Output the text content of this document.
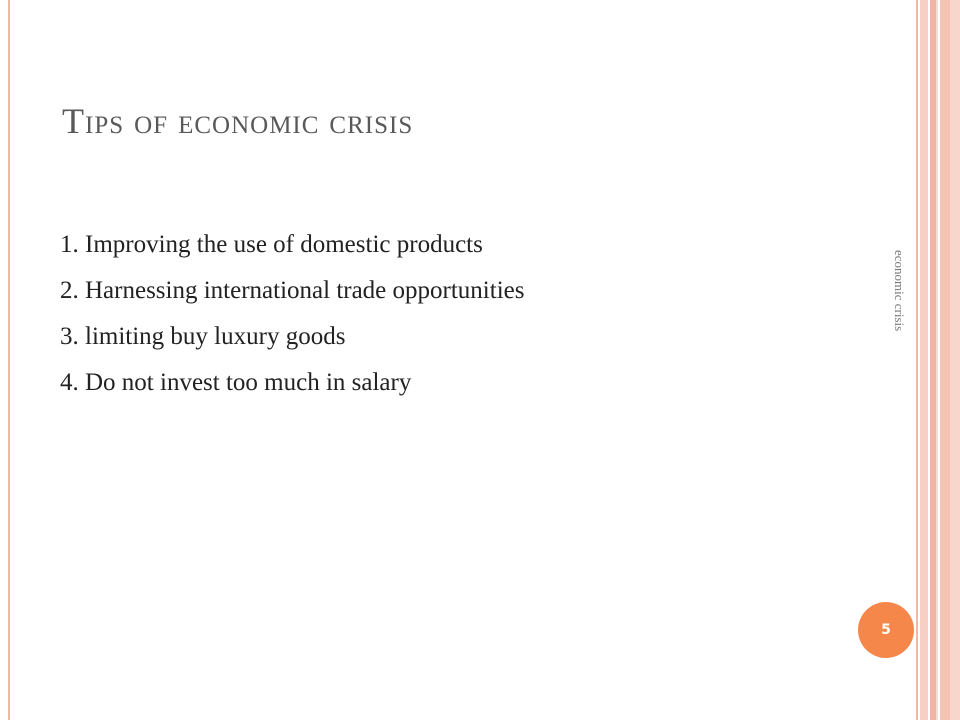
Tips of economic crisis
1. Improving the use of domestic products
2. Harnessing international trade opportunities
3. limiting buy luxury goods
4. Do not invest too much in salary
economic crisis
5
